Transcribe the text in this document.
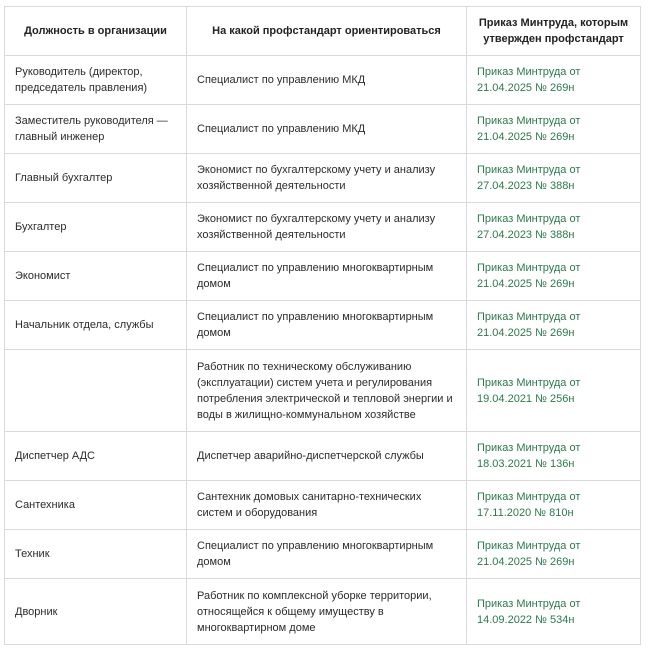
Должность в организации	На какой профстандарт ориентироваться	Приказ Минтруда, которым утвержден профстандарт
Руководитель (директор, председатель правления)	Специалист по управлению МКД	Приказ Минтруда от 21.04.2025 № 269н
Заместитель руководителя — главный инженер	Специалист по управлению МКД	Приказ Минтруда от 21.04.2025 № 269н
Главный бухгалтер	Экономист по бухгалтерскому учету и анализу хозяйственной деятельности	Приказ Минтруда от 27.04.2023 № 388н
Бухгалтер	Экономист по бухгалтерскому учету и анализу хозяйственной деятельности	Приказ Минтруда от 27.04.2023 № 388н
Экономист	Специалист по управлению многоквартирным домом	Приказ Минтруда от 21.04.2025 № 269н
Начальник отдела, службы	Специалист по управлению многоквартирным домом	Приказ Минтруда от 21.04.2025 № 269н
	Работник по техническому обслуживанию (эксплуатации) систем учета и регулирования потребления электрической и тепловой энергии и воды в жилищно-коммунальном хозяйстве	Приказ Минтруда от 19.04.2021 № 256н
Диспетчер АДС	Диспетчер аварийно-диспетчерской службы	Приказ Минтруда от 18.03.2021 № 136н
Сантехника	Сантехник домовых санитарно-технических систем и оборудования	Приказ Минтруда от 17.11.2020 № 810н
Техник	Специалист по управлению многоквартирным домом	Приказ Минтруда от 21.04.2025 № 269н
Дворник	Работник по комплексной уборке территории, относящейся к общему имуществу в многоквартирном доме	Приказ Минтруда от 14.09.2022 № 534н
